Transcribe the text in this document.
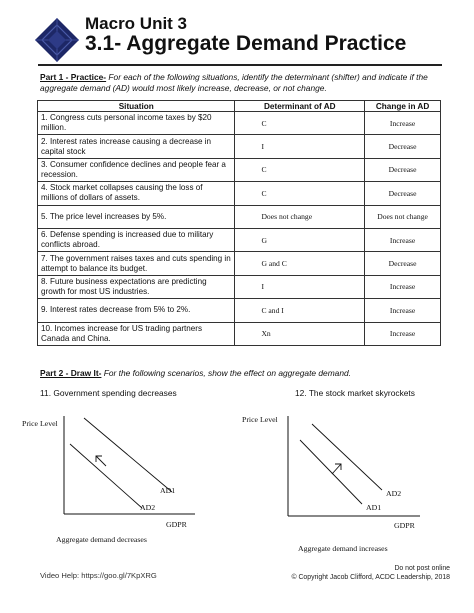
Macro Unit 3
3.1- Aggregate Demand Practice
Part 1 - Practice- For each of the following situations, identify the determinant (shifter) and indicate if the aggregate demand (AD) would most likely increase, decrease, or not change.
Situation	Determinant of AD	Change in AD
1. Congress cuts personal income taxes by $20 million.	C	Increase
2. Interest rates increase causing a decrease in capital stock	I	Decrease
3. Consumer confidence declines and people fear a recession.	C	Decrease
4. Stock market collapses causing the loss of millions of dollars of assets.	C	Decrease
5. The price level increases by 5%.	Does not change	Does not change
6. Defense spending is increased due to military conflicts abroad.	G	Increase
7. The government raises taxes and cuts spending in attempt to balance its budget.	G and C	Decrease
8. Future business expectations are predicting growth for most US industries.	I	Increase
9. Interest rates decrease from 5% to 2%.	C and I	Increase
10. Incomes increase for US trading partners Canada and China.	Xn	Increase
Part 2 - Draw It- For the following scenarios, show the effect on aggregate demand.
11. Government spending decreases	12. The stock market skyrockets
Price Level
AD1
AD2
GDPR
Aggregate demand decreases
Price Level
AD2
AD1
GDPR
Aggregate demand increases
Video Help: https://goo.gl/7KpXRG
Do not post online
© Copyright Jacob Clifford, ACDC Leadership, 2018
